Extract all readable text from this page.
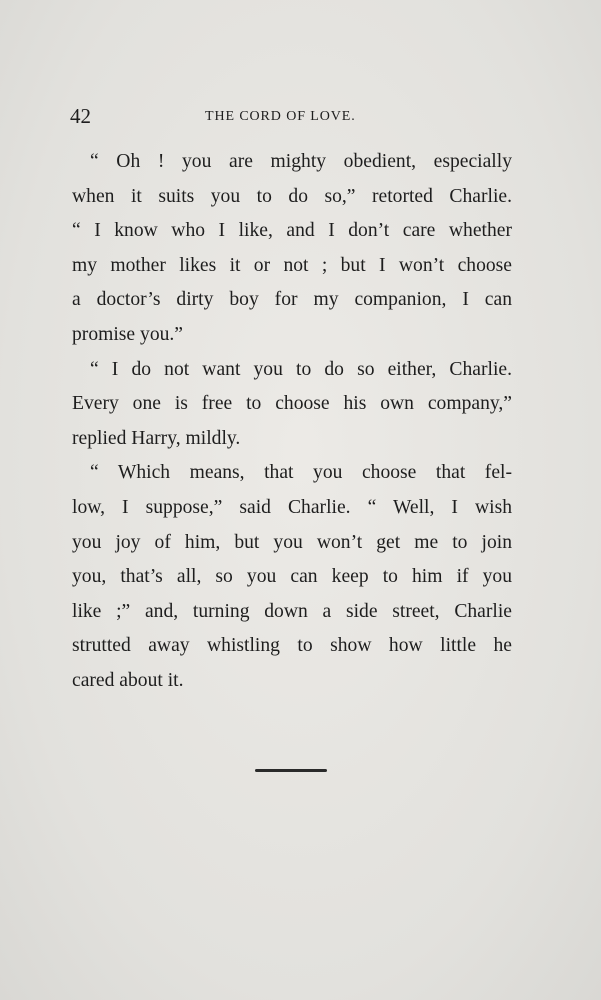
42	THE CORD OF LOVE.

“ Oh ! you are mighty obedient, especially
when it suits you to do so,” retorted Charlie.
“ I know who I like, and I don’t care whether
my mother likes it or not ; but I won’t choose
a doctor’s dirty boy for my companion, I can
promise you.”

“ I do not want you to do so either, Charlie.
Every one is free to choose his own company,”
replied Harry, mildly.

“ Which means, that you choose that fel-
low, I suppose,” said Charlie. “ Well, I wish
you joy of him, but you won’t get me to join
you, that’s all, so you can keep to him if you
like ;” and, turning down a side street, Charlie
strutted away whistling to show how little he
cared about it.
